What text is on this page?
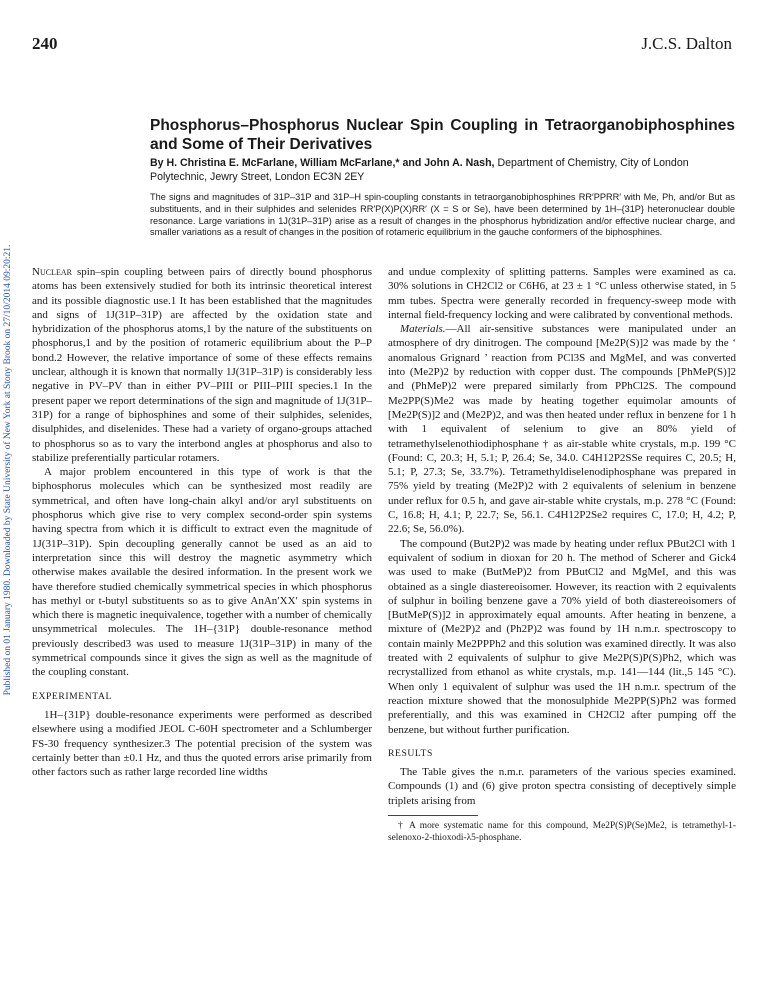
240	J.C.S. Dalton
Published on 01 January 1980. Downloaded by State University of New York at Stony Brook on 27/10/2014 09:20:21.

Phosphorus–Phosphorus Nuclear Spin Coupling in Tetraorganobiphosphines and Some of Their Derivatives

By H. Christina E. McFarlane, William McFarlane,* and John A. Nash, Department of Chemistry, City of London Polytechnic, Jewry Street, London EC3N 2EY

The signs and magnitudes of 31P–31P and 31P–H spin-coupling constants in tetraorganobiphosphines RR′PPRR′ with Me, Ph, and/or But as substituents, and in their sulphides and selenides RR′P(X)P(X)RR′ (X = S or Se), have been determined by 1H–{31P} heteronuclear double resonance. Large variations in 1J(31P–31P) arise as a result of changes in the phosphorus hybridization and/or effective nuclear charge, and smaller variations as a result of changes in the position of rotameric equilibrium in the gauche conformers of the biphosphines.

Nuclear spin–spin coupling between pairs of directly bound phosphorus atoms has been extensively studied for both its intrinsic theoretical interest and its possible diagnostic use.1 It has been established that the magnitudes and signs of 1J(31P–31P) are affected by the oxidation state and hybridization of the phosphorus atoms,1 by the nature of the substituents on phosphorus,1 and by the position of rotameric equilibrium about the P–P bond.2 However, the relative importance of some of these effects remains unclear, although it is known that normally 1J(31P–31P) is considerably less negative in PV–PV than in either PV–PIII or PIII–PIII species.1 In the present paper we report determinations of the sign and magnitude of 1J(31P–31P) for a range of biphosphines and some of their sulphides, selenides, disulphides, and diselenides. These had a variety of organo-groups attached to phosphorus so as to vary the interbond angles at phosphorus and also to stabilize preferentially particular rotamers.

A major problem encountered in this type of work is that the biphosphorus molecules which can be synthesized most readily are symmetrical, and often have long-chain alkyl and/or aryl substituents on phosphorus which give rise to very complex second-order spin systems having spectra from which it is difficult to extract even the magnitude of 1J(31P–31P). Spin decoupling generally cannot be used as an aid to interpretation since this will destroy the magnetic asymmetry which otherwise makes available the desired information. In the present work we have therefore studied chemically symmetrical species in which phosphorus has methyl or t-butyl substituents so as to give AnAn′XX′ spin systems in which there is magnetic inequivalence, together with a number of chemically unsymmetrical molecules. The 1H–{31P} double-resonance method previously described3 was used to measure 1J(31P–31P) in many of the symmetrical compounds since it gives the sign as well as the magnitude of the coupling constant.

EXPERIMENTAL

1H–{31P} double-resonance experiments were performed as described elsewhere using a modified JEOL C-60H spectrometer and a Schlumberger FS-30 frequency synthesizer.3 The potential precision of the system was certainly better than ±0.1 Hz, and thus the quoted errors arise primarily from other factors such as rather large recorded line widths

and undue complexity of splitting patterns. Samples were examined as ca. 30% solutions in CH2Cl2 or C6H6, at 23 ± 1 °C unless otherwise stated, in 5 mm tubes. Spectra were generally recorded in frequency-sweep mode with internal field-frequency locking and were calibrated by conventional methods.

Materials.—All air-sensitive substances were manipulated under an atmosphere of dry dinitrogen. The compound [Me2P(S)]2 was made by the ‘ anomalous Grignard ’ reaction from PCl3S and MgMeI, and was converted into (Me2P)2 by reduction with copper dust. The compounds [PhMeP(S)]2 and (PhMeP)2 were prepared similarly from PPhCl2S. The compound Me2PP(S)Me2 was made by heating together equimolar amounts of [Me2P(S)]2 and (Me2P)2, and was then heated under reflux in benzene for 1 h with 1 equivalent of selenium to give an 80% yield of tetramethylselenothiodiphosphane † as air-stable white crystals, m.p. 199 °C (Found: C, 20.3; H, 5.1; P, 26.4; Se, 34.0. C4H12P2SSe requires C, 20.5; H, 5.1; P, 27.3; Se, 33.7%). Tetramethyldiselenodiphosphane was prepared in 75% yield by treating (Me2P)2 with 2 equivalents of selenium in benzene under reflux for 0.5 h, and gave air-stable white crystals, m.p. 278 °C (Found: C, 16.8; H, 4.1; P, 22.7; Se, 56.1. C4H12P2Se2 requires C, 17.0; H, 4.2; P, 22.6; Se, 56.0%).

The compound (But2P)2 was made by heating under reflux PBut2Cl with 1 equivalent of sodium in dioxan for 20 h. The method of Scherer and Gick4 was used to make (ButMeP)2 from PButCl2 and MgMeI, and this was obtained as a single diastereoisomer. However, its reaction with 2 equivalents of sulphur in boiling benzene gave a 70% yield of both diastereoisomers of [ButMeP(S)]2 in approximately equal amounts. After heating in benzene, a mixture of (Me2P)2 and (Ph2P)2 was found by 1H n.m.r. spectroscopy to contain mainly Me2PPPh2 and this solution was examined directly. It was also treated with 2 equivalents of sulphur to give Me2P(S)P(S)Ph2, which was recrystallized from ethanol as white crystals, m.p. 141—144 (lit.,5 145 °C). When only 1 equivalent of sulphur was used the 1H n.m.r. spectrum of the reaction mixture showed that the monosulphide Me2PP(S)Ph2 was formed preferentially, and this was examined in CH2Cl2 after pumping off the benzene, but without further purification.

RESULTS

The Table gives the n.m.r. parameters of the various species examined. Compounds (1) and (6) give proton spectra consisting of deceptively simple triplets arising from

† A more systematic name for this compound, Me2P(S)P(Se)Me2, is tetramethyl-1-selenoxo-2-thioxodi-λ5-phosphane.
